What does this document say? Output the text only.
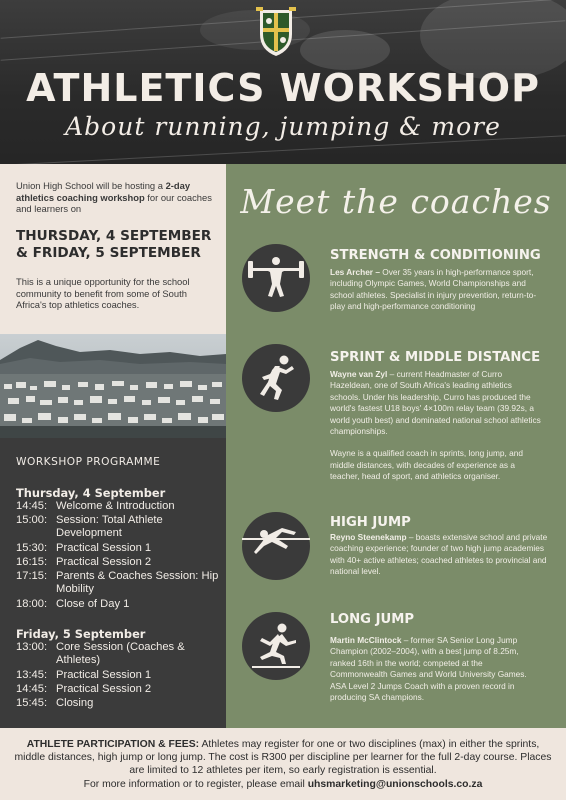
ATHLETICS WORKSHOP
About running, jumping & more

Union High School will be hosting a 2-day athletics coaching workshop for our coaches and learners on

THURSDAY, 4 SEPTEMBER
& FRIDAY, 5 SEPTEMBER

This is a unique opportunity for the school community to benefit from some of South Africa's top athletics coaches.

WORKSHOP PROGRAMME
Thursday, 4 September
14:45: Welcome & Introduction
15:00: Session: Total Athlete Development
15:30: Practical Session 1
16:15: Practical Session 2
17:15: Parents & Coaches Session: Hip Mobility
18:00: Close of Day 1
Friday, 5 September
13:00: Core Session (Coaches & Athletes)
13:45: Practical Session 1
14:45: Practical Session 2
15:45: Closing
Meet the coaches
STRENGTH & CONDITIONING

Les Archer – Over 35 years in high-performance sport, including Olympic Games, World Championships and school athletes. Specialist in injury prevention, return-to-play and high-performance conditioning

SPRINT & MIDDLE DISTANCE

Wayne van Zyl – current Headmaster of Curro Hazeldean, one of South Africa's leading athletics schools. Under his leadership, Curro has produced the world's fastest U18 boys' 4×100m relay team (39.92s, a world youth best) and dominated national school athletics championships.

Wayne is a qualified coach in sprints, long jump, and middle distances, with decades of experience as a teacher, head of sport, and athletics organiser.

HIGH JUMP

Reyno Steenekamp – boasts extensive school and private coaching experience; founder of two high jump academies with 40+ active athletes; coached athletes to provincial and national level.

LONG JUMP

Martin McClintock – former SA Senior Long Jump Champion (2002–2004), with a best jump of 8.25m, ranked 16th in the world; competed at the Commonwealth Games and World University Games. ASA Level 2 Jumps Coach with a proven record in producing SA champions.

ATHLETE PARTICIPATION & FEES: Athletes may register for one or two disciplines (max) in either the sprints, middle distances, high jump or long jump. The cost is R300 per discipline per learner for the full 2-day course. Places are limited to 12 athletes per item, so early registration is essential.
For more information or to register, please email uhsmarketing@unionschools.co.za
